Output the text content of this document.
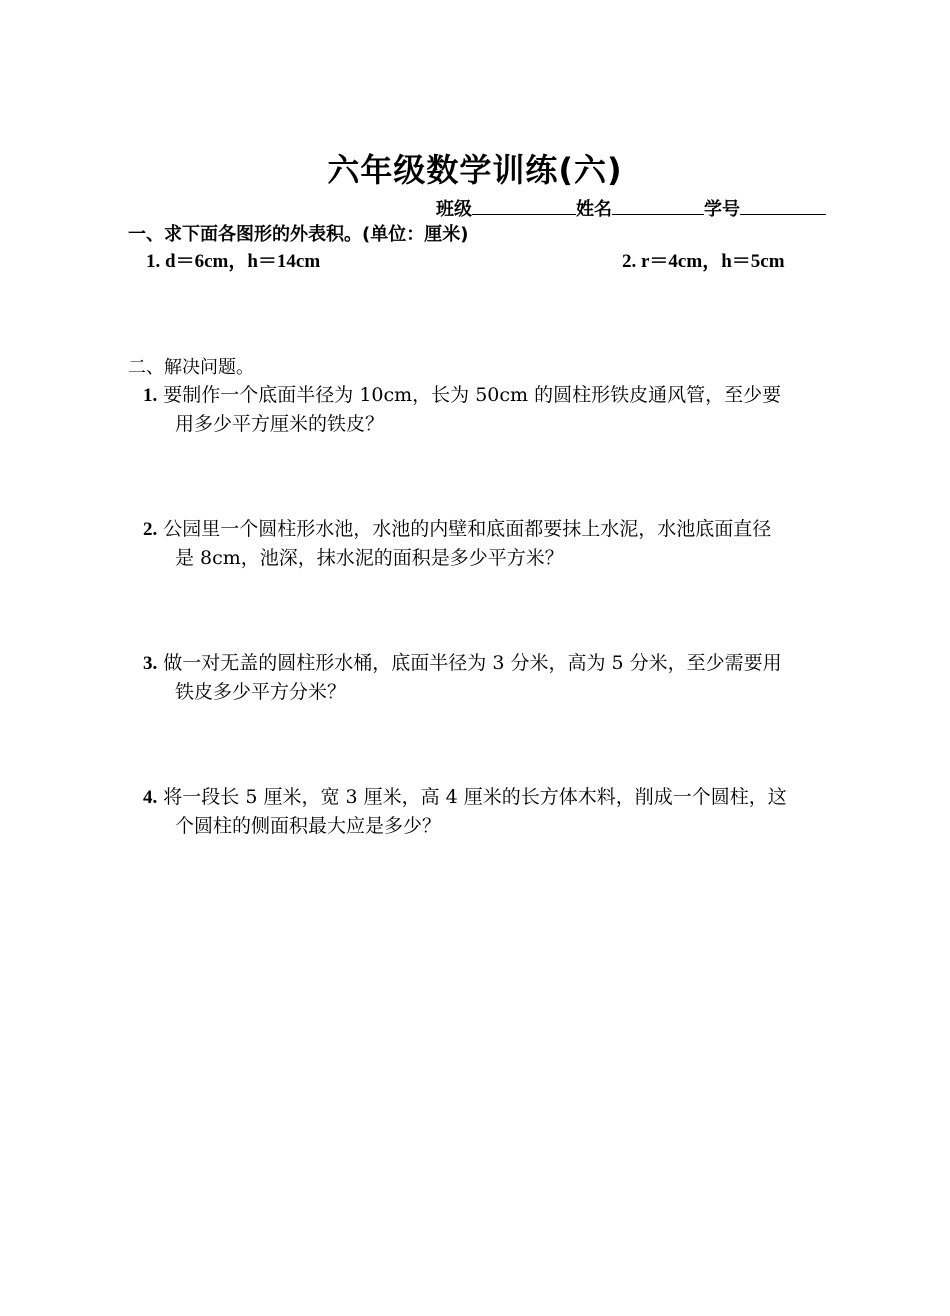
六年级数学训练(六)
班级	姓名	学号
一、求下面各图形的外表积。(单位：厘米)
1. d＝6cm，h＝14cm	2. r＝4cm，h＝5cm
二、解决问题。
1. 要制作一个底面半径为 10cm，长为 50cm 的圆柱形铁皮通风管，至少要
用多少平方厘米的铁皮？
2. 公园里一个圆柱形水池，水池的内壁和底面都要抹上水泥，水池底面直径
是 8cm，池深，抹水泥的面积是多少平方米？
3. 做一对无盖的圆柱形水桶，底面半径为 3 分米，高为 5 分米，至少需要用
铁皮多少平方分米？
4. 将一段长 5 厘米，宽 3 厘米，高 4 厘米的长方体木料，削成一个圆柱，这
个圆柱的侧面积最大应是多少？
